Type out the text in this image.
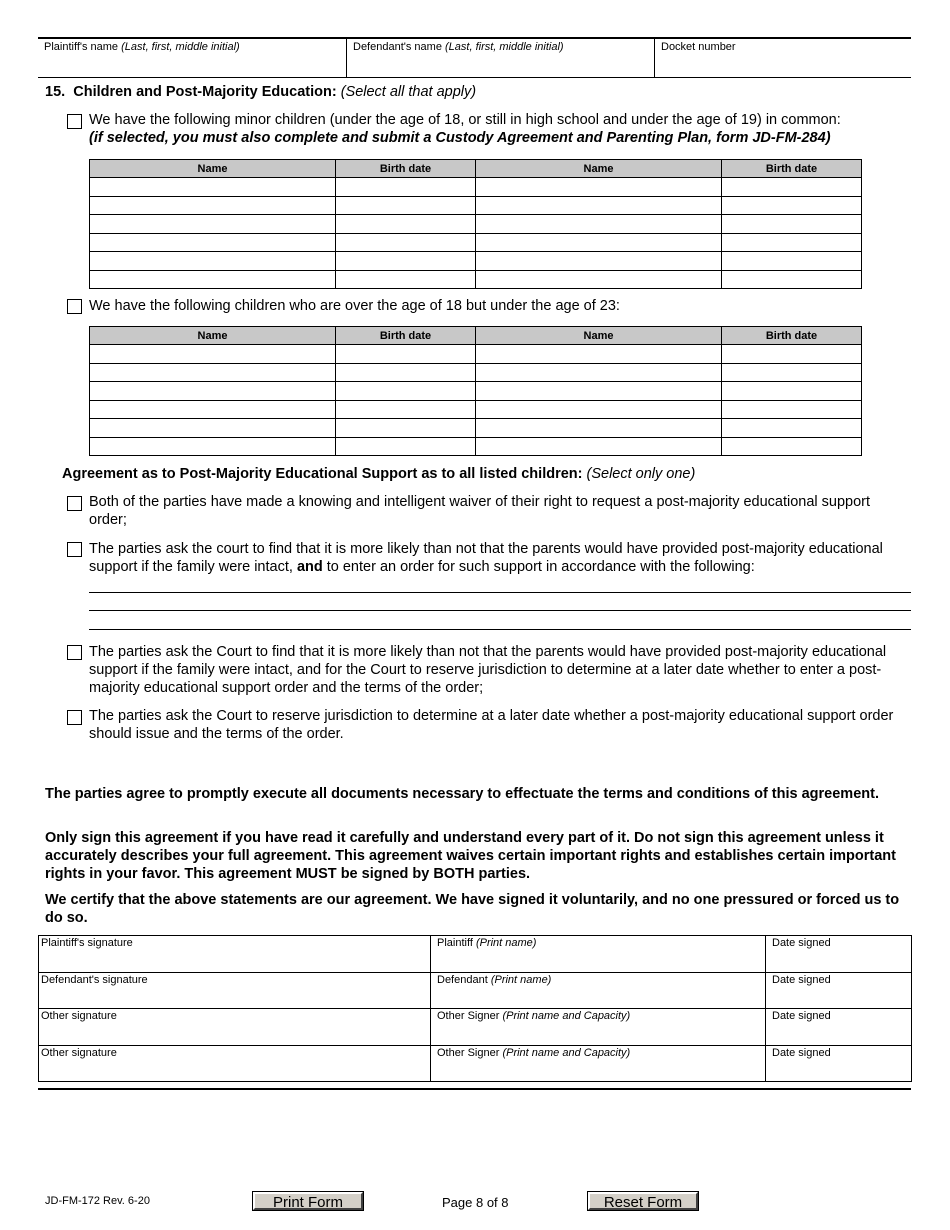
Plaintiff's name (Last, first, middle initial)	Defendant's name (Last, first, middle initial)	Docket number
15. Children and Post-Majority Education: (Select all that apply)
We have the following minor children (under the age of 18, or still in high school and under the age of 19) in common:
(if selected, you must also complete and submit a Custody Agreement and Parenting Plan, form JD-FM-284)
Name	Birth date	Name	Birth date

We have the following children who are over the age of 18 but under the age of 23:
Name	Birth date	Name	Birth date

Agreement as to Post-Majority Educational Support as to all listed children: (Select only one)
Both of the parties have made a knowing and intelligent waiver of their right to request a post-majority educational support order;
The parties ask the court to find that it is more likely than not that the parents would have provided post-majority educational support if the family were intact, and to enter an order for such support in accordance with the following:
The parties ask the Court to find that it is more likely than not that the parents would have provided post-majority educational support if the family were intact, and for the Court to reserve jurisdiction to determine at a later date whether to enter a post-majority educational support order and the terms of the order;
The parties ask the Court to reserve jurisdiction to determine at a later date whether a post-majority educational support order should issue and the terms of the order.
The parties agree to promptly execute all documents necessary to effectuate the terms and conditions of this agreement.
Only sign this agreement if you have read it carefully and understand every part of it. Do not sign this agreement unless it accurately describes your full agreement. This agreement waives certain important rights and establishes certain important rights in your favor. This agreement MUST be signed by BOTH parties.
We certify that the above statements are our agreement. We have signed it voluntarily, and no one pressured or forced us to do so.
Plaintiff's signature	Plaintiff (Print name)	Date signed
Defendant's signature	Defendant (Print name)	Date signed
Other signature	Other Signer (Print name and Capacity)	Date signed
Other signature	Other Signer (Print name and Capacity)	Date signed
JD-FM-172 Rev. 6-20	Print Form	Page 8 of 8	Reset Form
